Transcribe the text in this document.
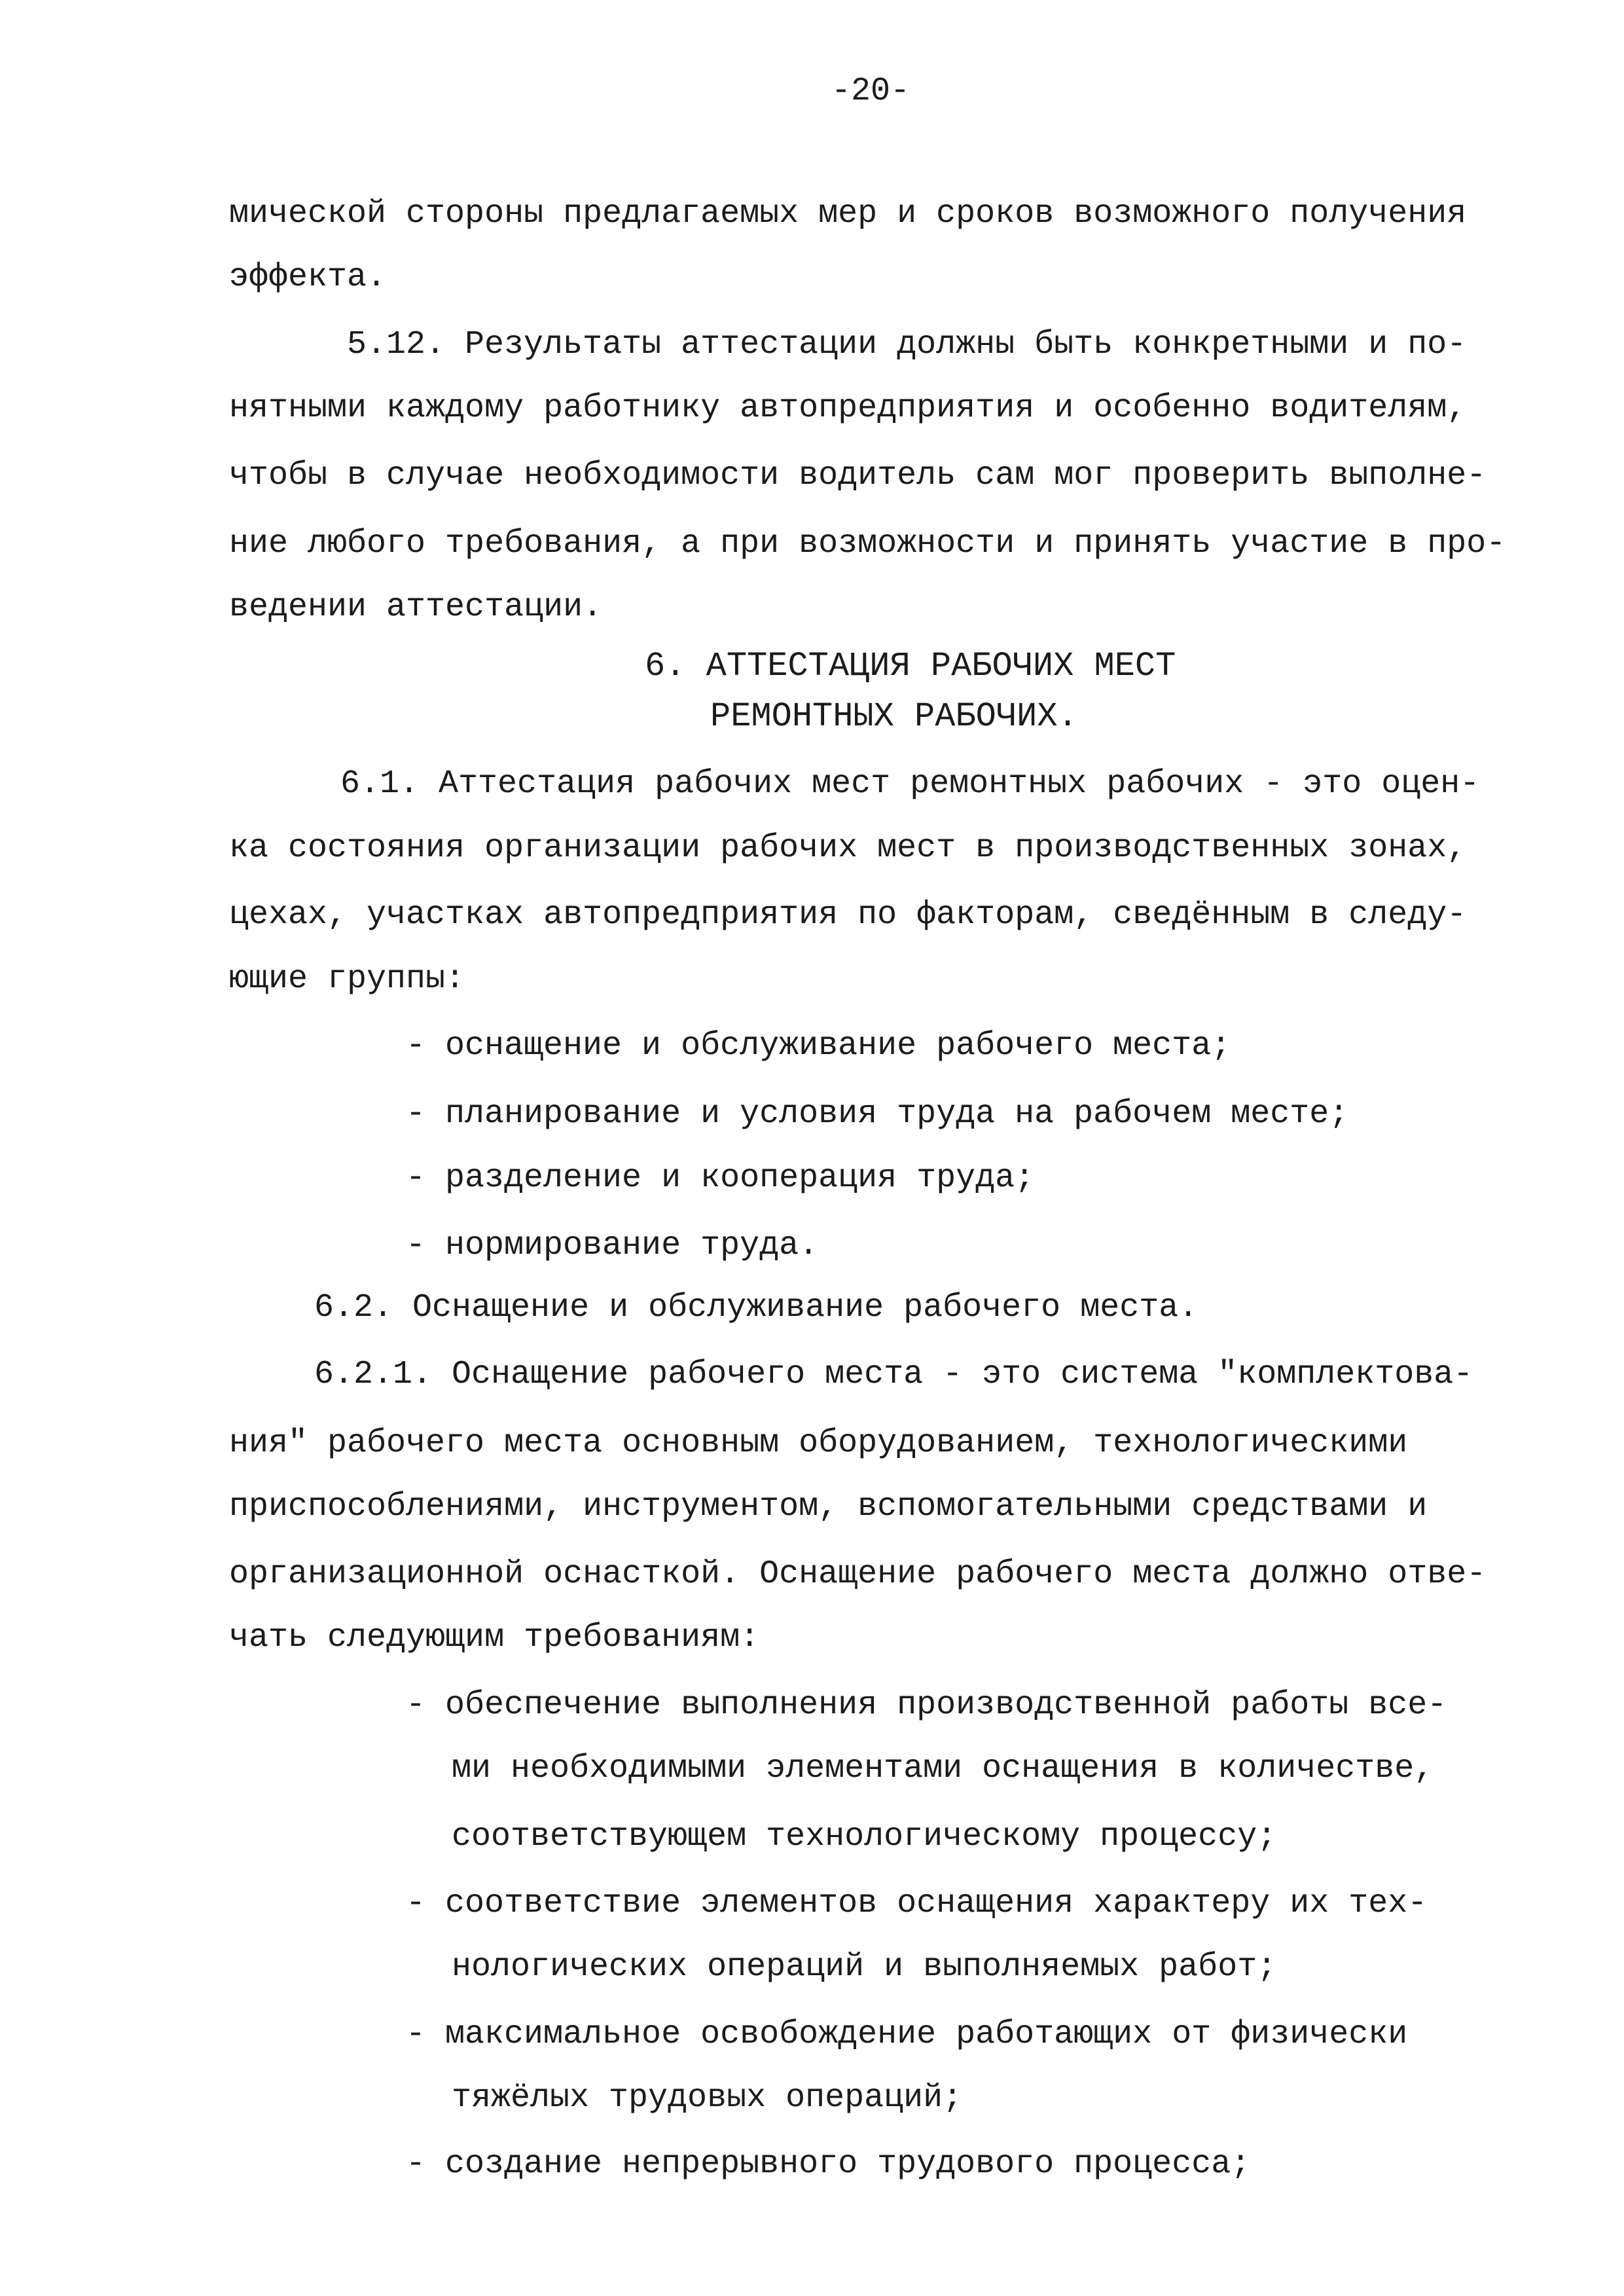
-20-
мической стороны предлагаемых мер и сроков возможного получения
эффекта.
5.12. Результаты аттестации должны быть конкретными и по-
нятными каждому работнику автопредприятия и особенно водителям,
чтобы в случае необходимости водитель сам мог проверить выполне-
ние любого требования, а при возможности и принять участие в про-
ведении аттестации.
6. АТТЕСТАЦИЯ РАБОЧИХ МЕСТ
РЕМОНТНЫХ РАБОЧИХ.
6.1. Аттестация рабочих мест ремонтных рабочих - это оцен-
ка состояния организации рабочих мест в производственных зонах,
цехах, участках автопредприятия по факторам, сведённым в следу-
ющие группы:
- оснащение и обслуживание рабочего места;
- планирование и условия труда на рабочем месте;
- разделение и кооперация труда;
- нормирование труда.
6.2. Оснащение и обслуживание рабочего места.
6.2.1. Оснащение рабочего места - это система "комплектова-
ния" рабочего места основным оборудованием, технологическими
приспособлениями, инструментом, вспомогательными средствами и
организационной оснасткой. Оснащение рабочего места должно отве-
чать следующим требованиям:
- обеспечение выполнения производственной работы все-
ми необходимыми элементами оснащения в количестве,
соответствующем технологическому процессу;
- соответствие элементов оснащения характеру их тех-
нологических операций и выполняемых работ;
- максимальное освобождение работающих от физически
тяжёлых трудовых операций;
- создание непрерывного трудового процесса;
